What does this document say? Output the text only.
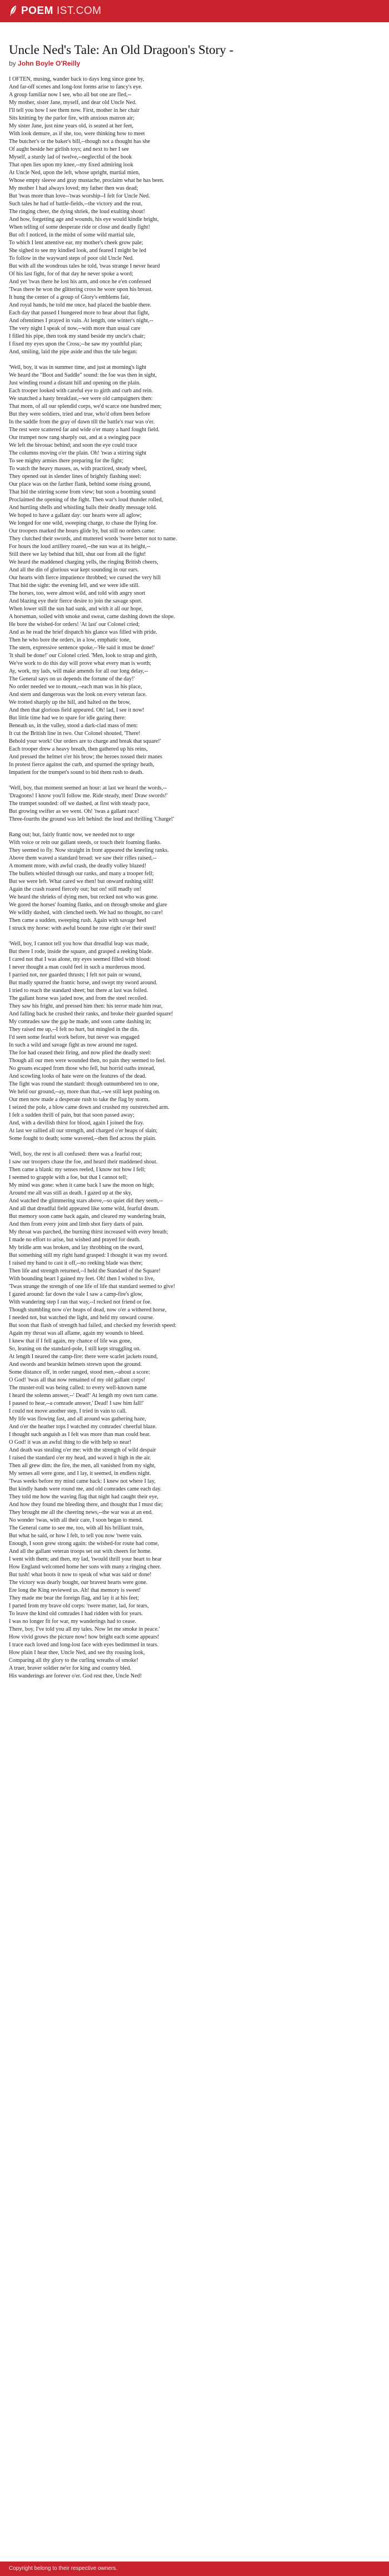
POEM IST.COM
Uncle Ned's Tale: An Old Dragoon's Story -
by John Boyle O'Reilly
I OFTEN, musing, wander back to days long since gone by,
And far-off scenes and long-lost forms arise to fancy's eye.
A group familiar now I see, who all but one are fled,--
My mother, sister Jane, myself, and dear old Uncle Ned.
I'll tell you how I see them now. First, mother in her chair
Sits knitting by the parlor fire, with anxious matron air;
My sister Jane, just nine years old, is seated at her feet,
With look demure, as if she, too, were thinking how to meet
The butcher's or the baker's bill,--though not a thought has she
Of aught beside her girlish toys; and next to her I see
Myself, a sturdy lad of twelve,--neglectful of the book
That open lies upon my knee,--my fixed admiring look
At Uncle Ned, upon the left, whose upright, martial mien,
Whose empty sleeve and gray mustache, proclaim what he has been.
My mother I had always loved; my father then was dead;
But 'twas more than love--'twas worship--I felt for Uncle Ned.
Such tales he had of battle-fields,--the victory and the rout,
The ringing cheer, the dying shriek, the loud exulting shout!
And how, forgetting age and wounds, his eye would kindle bright,
When telling of some desperate ride or close and deadly fight!
But oft I noticed, in the midst of some wild martial tale,
To which I lent attentive ear, my mother's cheek grow pale;
She sighed to see my kindled look, and feared I might be led
To follow in the wayward steps of poor old Uncle Ned.
But with all the wondrous tales he told, 'twas strange I never heard
Of his last fight, for of that day he never spoke a word;
And yet 'twas there he lost his arm, and once he e'en confessed
'Twas there he won the glittering cross he wore upon his breast.
It hung the center of a group of Glory's emblems fair,
And royal hands, he told me once, had placed the bauble there.
Each day that passed I hungered more to hear about that fight,
And oftentimes I prayed in vain. At length, one winter's night,--
The very night I speak of now,--with more than usual care
I filled his pipe, then took my stand beside my uncle's chair;
I fixed my eyes upon the Cross;--he saw my youthful plan;
And, smiling, laid the pipe aside and thus the tale began:
'Well, boy, it was in summer time, and just at morning's light
We heard the "Boot and Saddle" sound: the foe was then in sight,
Just winding round a distant hill and opening on the plain.
Each trooper looked with careful eye to girth and curb and rein.
We snatched a hasty breakfast,--we were old campaigners then:
That morn, of all our splendid corps, we'd scarce one hundred men;
But they were soldiers, tried and true, who'd often been before
In the saddle from the gray of dawn till the battle's roar was o'er.
The rest were scattered far and wide o'er many a hard fought field.
Our trumpet now rang sharply out, and at a swinging pace
We left the bivouac behind; and soon the eye could trace
The columns moving o'er the plain. Oh! 'twas a stirring sight
To see mighty armies there preparing for the fight;
To watch the heavy masses, as, with practiced, steady wheel,
They opened out in slender lines of brightly flashing steel:
Our place was on the farther flank, behind some rising ground,
That hid the stirring scene from view; but soon a booming sound
Proclaimed the opening of the fight. Then war's loud thunder rolled,
And hurtling shells and whistling balls their deadly message told.
We hoped to have a gallant day: our hearts were all aglow;
We longed for one wild, sweeping charge, to chase the flying foe.
Our troopers marked the hours glide by, but still no orders came:
They clutched their swords, and muttered words 'twere better not to name.
For hours the loud artillery roared,--the sun was at its height,--
Still there we lay behind that hill, shut out from all the fight!
We heard the maddened charging yells, the ringing British cheers,
And all the din of glorious war kept sounding in our ears.
Our hearts with fierce impatience throbbed; we cursed the very hill
That hid the sight: the evening fell, and we were idle still.
The horses, too, were almost wild, and told with angry snort
And blazing eye their fierce desire to join the savage sport.
When lower still the sun had sunk, and with it all our hope,
A horseman, soiled with smoke and sweat, came dashing down the slope.
He bore the wished-for orders! 'At last' our Colonel cried;
And as he read the brief dispatch his glance was filled with pride.
Then he who bore the orders, in a low, emphatic tone,
The stern, expressive sentence spoke,--'He said it must be done!'
'It shall be done!' our Colonel cried. 'Men, look to strap and girth,
We've work to do this day will prove what every man is worth;
Ay, work, my lads, will make amends for all our long delay,--
The General says on us depends the fortune of the day!'
No order needed we to mount,--each man was in his place,
And stern and dangerous was the look on every veteran face.
We trotted sharply up the hill, and halted on the brow,
And then that glorious field appeared. Oh! lad, I see it now!
But little time had we to spare for idle gazing there:
Beneath us, in the valley, stood a dark-clad mass of men:
It cut the British line in two. Our Colonel shouted, 'There!
Behold your work! Our orders are to charge and break that square!'
Each trooper drew a heavy breath, then gathered up his reins,
And pressed the helmet o'er his brow; the heroes tossed their manes
In protest fierce against the curb, and spurned the springy heath,
Impatient for the trumpet's sound to bid them rush to death.
'Well, boy, that moment seemed an hour: at last we heard the words,--
'Dragoons! I know you'll follow me. Ride steady, men! Draw swords!'
The trumpet sounded: off we dashed, at first with steady pace,
But growing swifter as we went. Oh! 'twas a gallant race!
Three-fourths the ground was left behind: the loud and thrilling 'Charge!'
Rang out; but, fairly frantic now, we needed not to urge
With voice or rein our gallant steeds, or touch their foaming flanks.
They seemed to fly. Now straight in front appeared the kneeling ranks.
Above them waved a standard broad: we saw their rifles raised,--
A moment more, with awful crash, the deadly volley blazed!
The bullets whistled through our ranks, and many a trooper fell;
But we were left. What cared we then! but onward rushing still!
Again the crash roared fiercely out; but on! still madly on!
We heard the shrieks of dying men, but recked not who was gone.
We gored the horses' foaming flanks, and on through smoke and glare
We wildly dashed, with clenched teeth. We had no thought, no care!
Then came a sudden, sweeping rush. Again with savage heel
I struck my horse: with awful bound he rose right o'er their steel!
'Well, boy, I cannot tell you how that dreadful leap was made,
But there I rode, inside the square, and grasped a reeking blade.
I cared not that I was alone, my eyes seemed filled with blood:
I never thought a man could feel in such a murderous mood.
I parried not, nor guarded thrusts; I felt not pain or wound,
But madly spurred the frantic horse, and swept my sword around.
I tried to reach the standard sheet; but there at last was foiled.
The gallant horse was jaded now, and from the steel recoiled.
They saw his fright, and pressed him then: his terror made him rear,
And falling back he crushed their ranks, and broke their guarded square!
My comrades saw the gap he made, and soon came dashing in;
They raised me up,--I felt no hurt, but mingled in the din.
I'd seen some fearful work before, but never was engaged
In such a wild and savage fight as now around me raged.
The foe had ceased their firing, and now plied the deadly steel:
Though all our men were wounded then, no pain they seemed to feel.
No groans escaped from those who fell, but horrid oaths instead,
And scowling looks of hate were on the features of the dead.
The fight was round the standard: though outnumbered ten to one,
We held our ground,--ay, more than that,--we still kept pushing on.
Our men now made a desperate rush to take the flag by storm.
I seized the pole, a blow came down and crushed my outstretched arm.
I felt a sudden thrill of pain, but that soon passed away;
And, with a devilish thirst for blood, again I joined the fray.
At last we rallied all our strength, and charged o'er heaps of slain;
Some fought to death; some wavered,--then fled across the plain.
'Well, boy, the rest is all confused: there was a fearful rout;
I saw our troopers chase the foe, and heard their maddened shout.
Then came a blank: my senses reeled, I know not how I fell;
I seemed to grapple with a foe, but that I cannot tell;
My mind was gone: when it came back I saw the moon on high;
Around me all was still as death. I gazed up at the sky,
And watched the glimmering stars above,--so quiet did they seem,--
And all that dreadful field appeared like some wild, fearful dream.
But memory soon came back again, and cleared my wandering brain,
And then from every joint and limb shot fiery darts of pain.
My throat was parched, the burning thirst increased with every breath;
I made no effort to arise, but wished and prayed for death.
My bridle arm was broken, and lay throbbing on the sward,
But something still my right hand grasped: I thought it was my sword.
I raised my hand to cast it off,--no reeking blade was there;
Then life and strength returned,--I held the Standard of the Square!
With bounding heart I gained my feet. Oh! then I wished to live,
'Twas strange the strength of one life of life that standard seemed to give!
I gazed around: far down the vale I saw a camp-fire's glow,
With wandering step I ran that way,--I recked not friend or foe.
Though stumbling now o'er heaps of dead, now o'er a withered horse,
I needed not, but watched the light, and held my onward course.
But soon that flash of strength had failed, and checked my feverish speed:
Again my throat was all aflame, again my wounds to bleed.
I knew that if I fell again, my chance of life was gone,
So, leaning on the standard-pole, I still kept struggling on.
At length I neared the camp-fire: there were scarlet jackets round,
And swords and bearskin helmets strewn upon the ground.
Some distance off, in order ranged, stood men,--about a score:
O God! 'twas all that now remained of my old gallant corps!
The muster-roll was being called: to every well-known name
I heard the solemn answer,--' Dead!' At length my own turn came.
I paused to hear,--a comrade answer,' Dead! I saw him fall!'
I could not move another step, I tried in vain to call.
My life was flowing fast, and all around was gathering haze,
And o'er the heather tops I watched my comrades' cheerful blaze.
I thought such anguish as I felt was more than man could bear.
O God! it was an awful thing to die with help so near!
And death was stealing o'er me: with the strength of wild despair
I raised the standard o'er my head, and waved it high in the air.
Then all grew dim: the fire, the men, all vanished from my sight,
My senses all were gone, and I lay, it seemed, in endless night.
'Twas weeks before my mind came back: I knew not where I lay,
But kindly hands were round me, and old comrades came each day.
They told me how the waving flag that night had caught their eye,
And how they found me bleeding there, and thought that I must die;
They brought me all the cheering news,--the war was at an end.
No wonder 'twas, with all their care, I soon began to mend.
The General came to see me, too, with all his brilliant train,
But what he said, or how I felt, to tell you now 'twere vain.
Enough, I soon grew strong again: the wished-for route had come,
And all the gallant veteran troops set out with cheers for home.
I went with them; and then, my lad, 'twould thrill your heart to hear
How England welcomed home her sons with many a ringing cheer.
But tush! what boots it now to speak of what was said or done!
The victory was dearly bought, our bravest hearts were gone.
Ere long the King reviewed us. Ah! that memory is sweet!
They made me bear the foreign flag, and lay it at his feet;
I parted from my brave old corps: 'twere matter, lad, for tears,
To leave the kind old comrades I had ridden with for years.
I was no longer fit for war, my wanderings had to cease.
There, boy, I've told you all my tales. Now let me smoke in peace.'
How vivid grows the picture now! how bright each scene appears!
I trace each loved and long-lost face with eyes bedimmed in tears.
How plain I hear thee, Uncle Ned, and see thy rousing look,
Comparing all thy glory to the curling wreaths of smoke!
A truer, braver soldier ne'er for king and country bled.
His wanderings are forever o'er. God rest thee, Uncle Ned!
Copyright belong to their respective owners.
